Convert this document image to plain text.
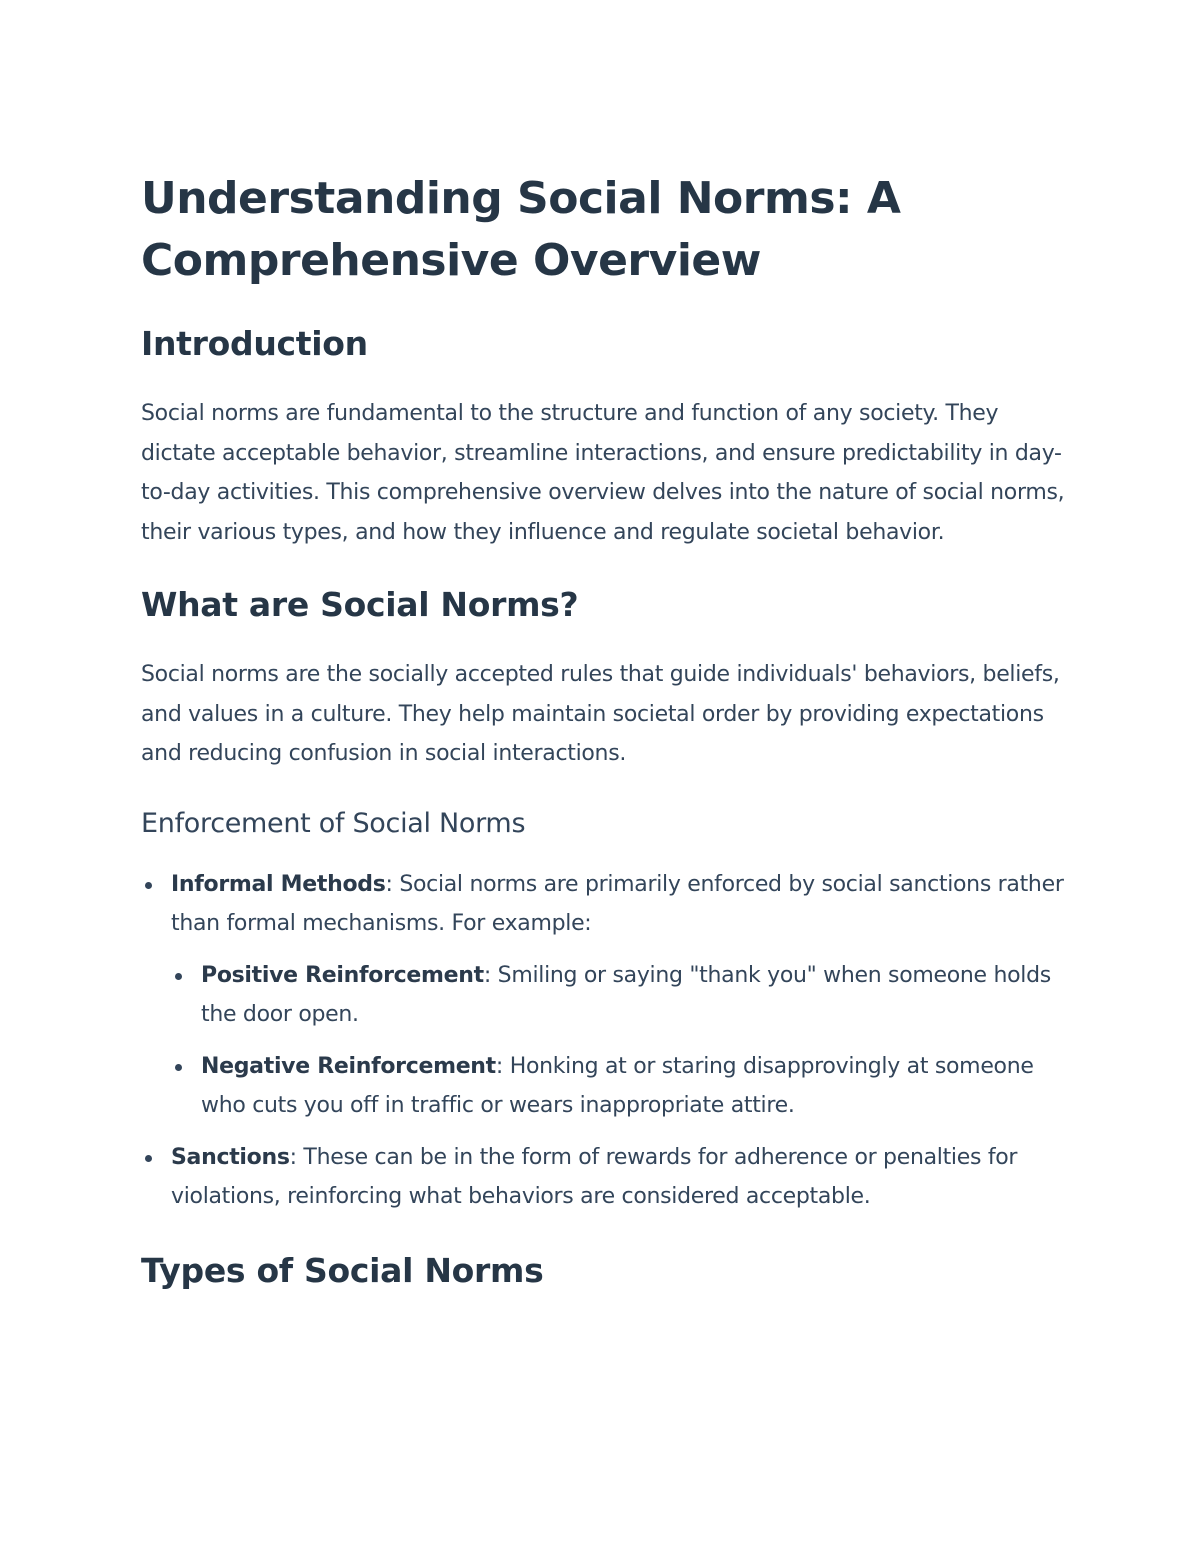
Understanding Social Norms: A Comprehensive Overview
Introduction

Social norms are fundamental to the structure and function of any society. They dictate acceptable behavior, streamline interactions, and ensure predictability in day-to-day activities. This comprehensive overview delves into the nature of social norms, their various types, and how they influence and regulate societal behavior.

What are Social Norms?

Social norms are the socially accepted rules that guide individuals' behaviors, beliefs, and values in a culture. They help maintain societal order by providing expectations and reducing confusion in social interactions.

Enforcement of Social Norms
Informal Methods: Social norms are primarily enforced by social sanctions rather than formal mechanisms. For example:
Positive Reinforcement: Smiling or saying "thank you" when someone holds the door open.
Negative Reinforcement: Honking at or staring disapprovingly at someone who cuts you off in traffic or wears inappropriate attire.
Sanctions: These can be in the form of rewards for adherence or penalties for violations, reinforcing what behaviors are considered acceptable.
Types of Social Norms
